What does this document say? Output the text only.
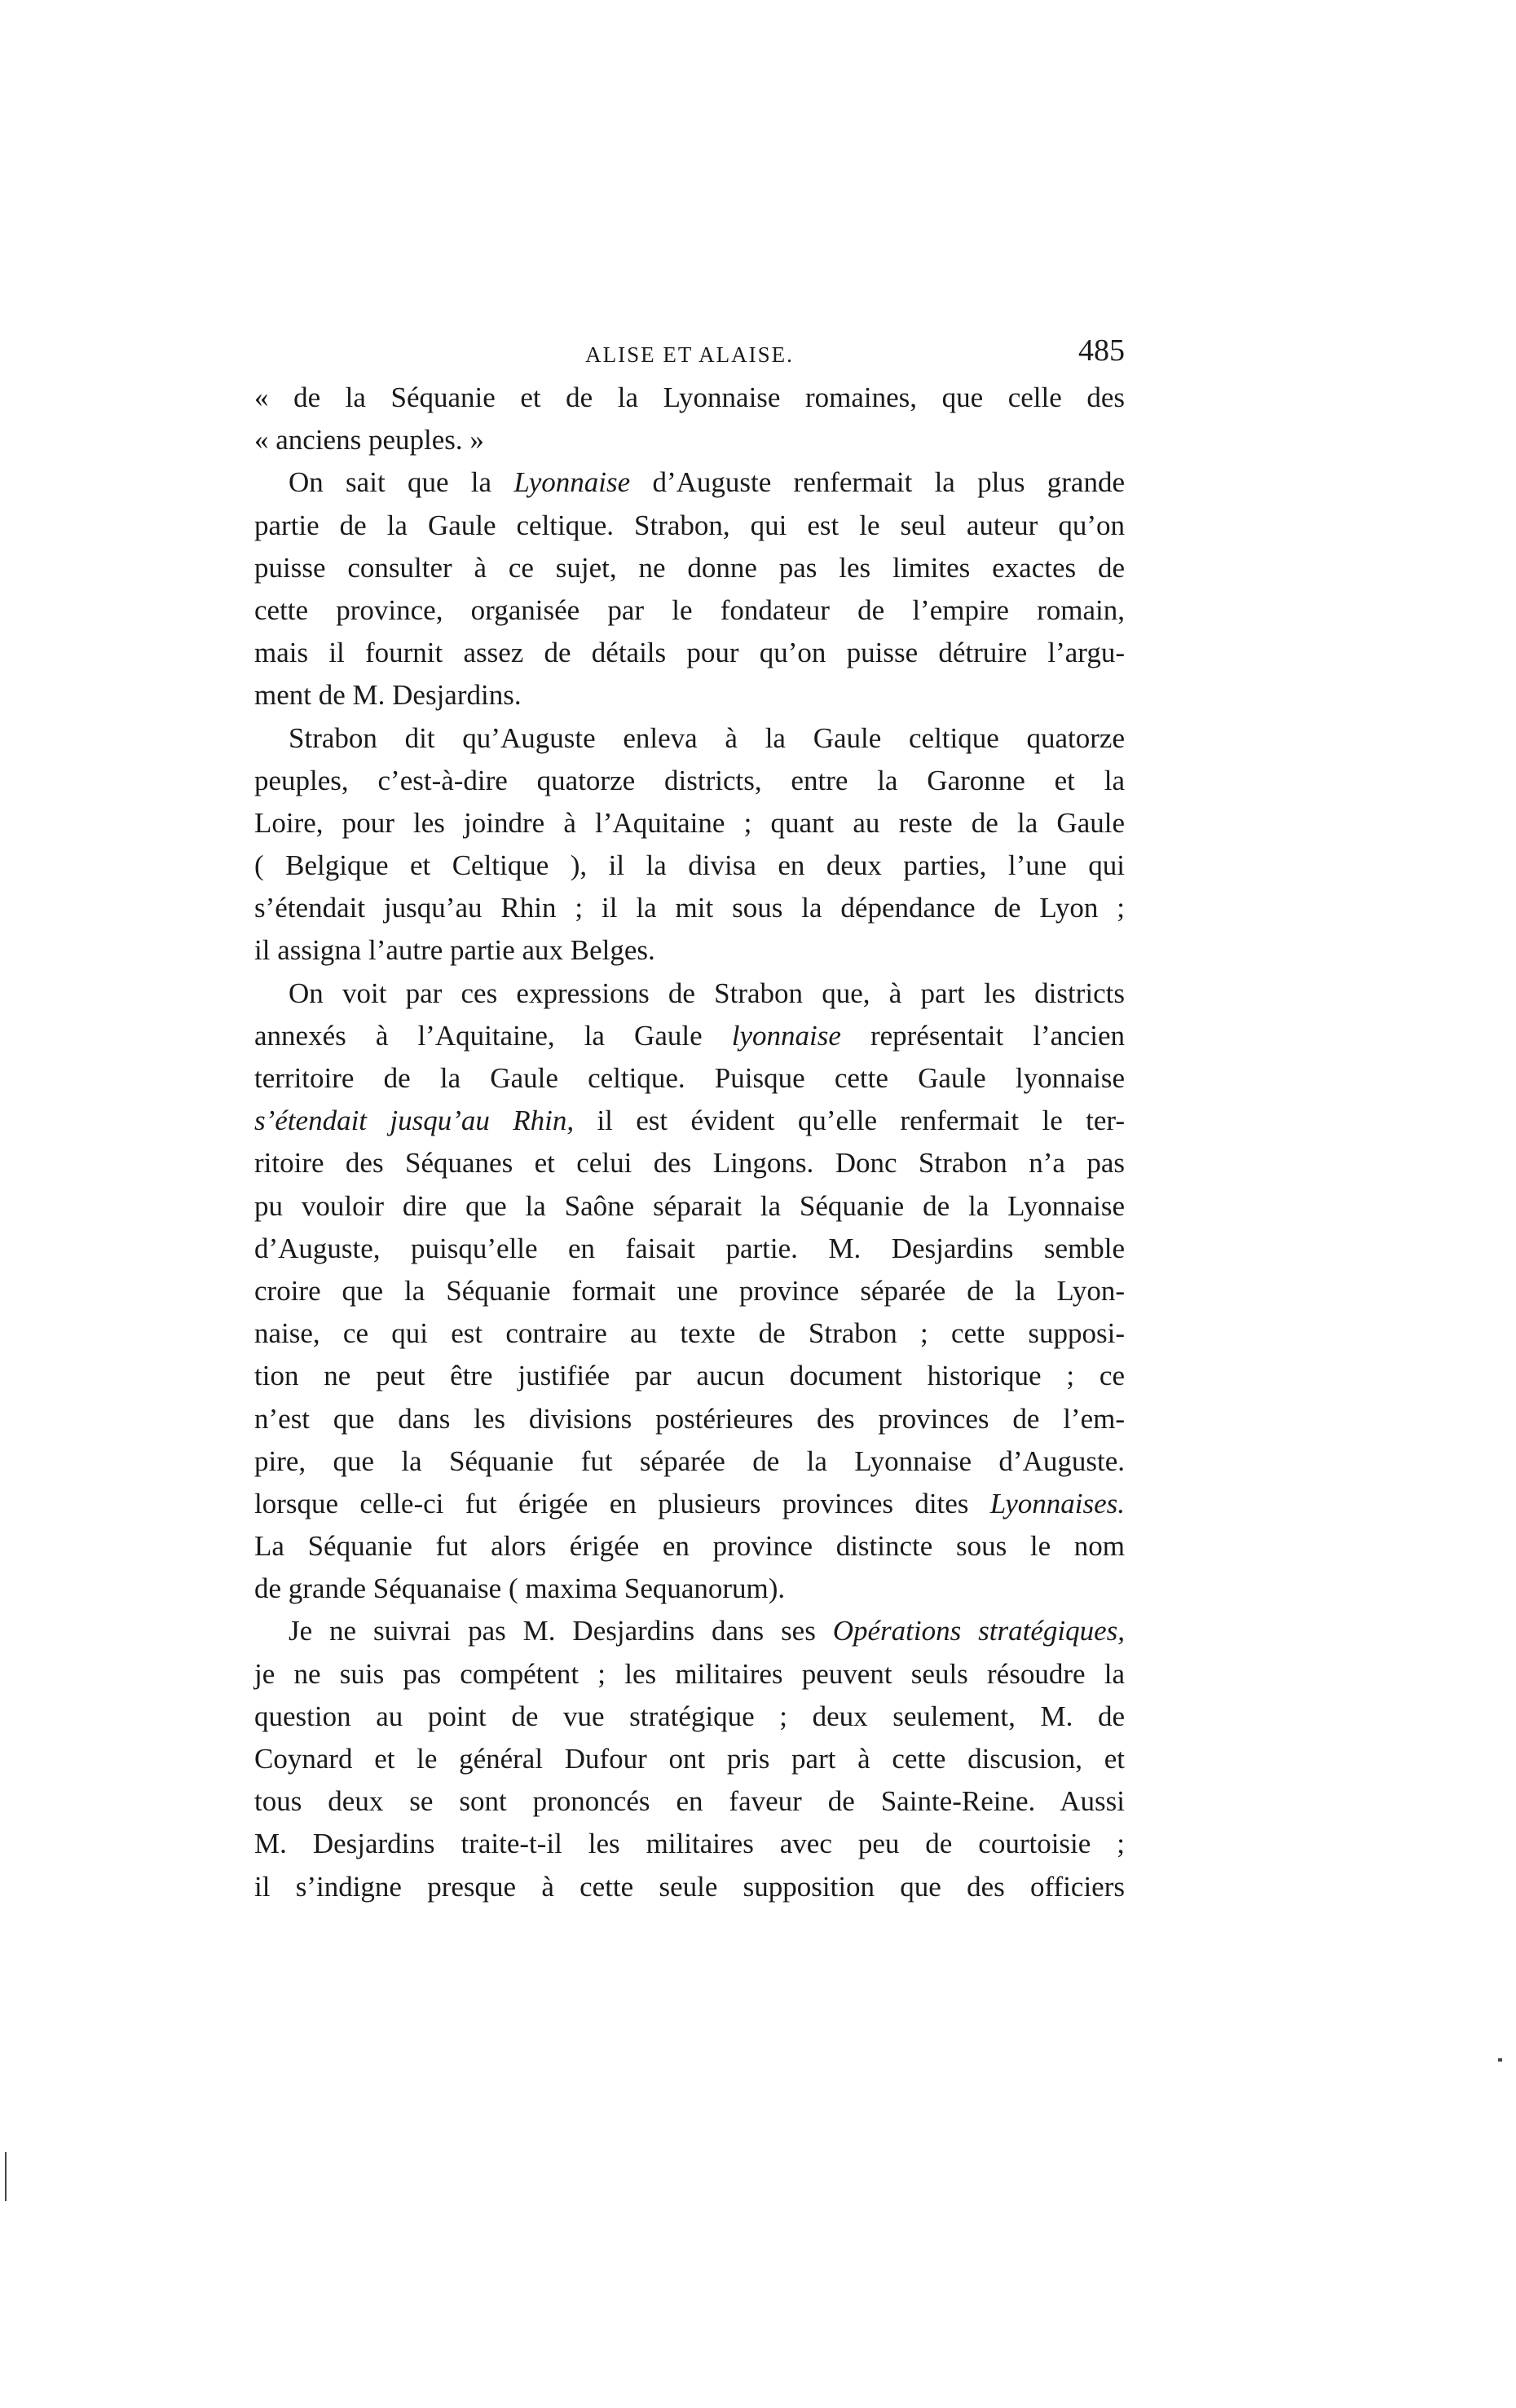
ALISE ET ALAISE.	485
« de la Séquanie et de la Lyonnaise romaines, que celle des
« anciens peuples. »
On sait que la Lyonnaise d’Auguste renfermait la plus grande
partie de la Gaule celtique. Strabon, qui est le seul auteur qu’on
puisse consulter à ce sujet, ne donne pas les limites exactes de
cette province, organisée par le fondateur de l’empire romain,
mais il fournit assez de détails pour qu’on puisse détruire l’argu-
ment de M. Desjardins.
Strabon dit qu’Auguste enleva à la Gaule celtique quatorze
peuples, c’est-à-dire quatorze districts, entre la Garonne et la
Loire, pour les joindre à l’Aquitaine ; quant au reste de la Gaule
( Belgique et Celtique ), il la divisa en deux parties, l’une qui
s’étendait jusqu’au Rhin ; il la mit sous la dépendance de Lyon ;
il assigna l’autre partie aux Belges.
On voit par ces expressions de Strabon que, à part les districts
annexés à l’Aquitaine, la Gaule lyonnaise représentait l’ancien
territoire de la Gaule celtique. Puisque cette Gaule lyonnaise
s’étendait jusqu’au Rhin, il est évident qu’elle renfermait le ter-
ritoire des Séquanes et celui des Lingons. Donc Strabon n’a pas
pu vouloir dire que la Saône séparait la Séquanie de la Lyonnaise
d’Auguste, puisqu’elle en faisait partie. M. Desjardins semble
croire que la Séquanie formait une province séparée de la Lyon-
naise, ce qui est contraire au texte de Strabon ; cette supposi-
tion ne peut être justifiée par aucun document historique ; ce
n’est que dans les divisions postérieures des provinces de l’em-
pire, que la Séquanie fut séparée de la Lyonnaise d’Auguste.
lorsque celle-ci fut érigée en plusieurs provinces dites Lyonnaises.
La Séquanie fut alors érigée en province distincte sous le nom
de grande Séquanaise ( maxima Sequanorum).
Je ne suivrai pas M. Desjardins dans ses Opérations stratégiques,
je ne suis pas compétent ; les militaires peuvent seuls résoudre la
question au point de vue stratégique ; deux seulement, M. de
Coynard et le général Dufour ont pris part à cette discusion, et
tous deux se sont prononcés en faveur de Sainte-Reine. Aussi
M. Desjardins traite-t-il les militaires avec peu de courtoisie ;
il s’indigne presque à cette seule supposition que des officiers
